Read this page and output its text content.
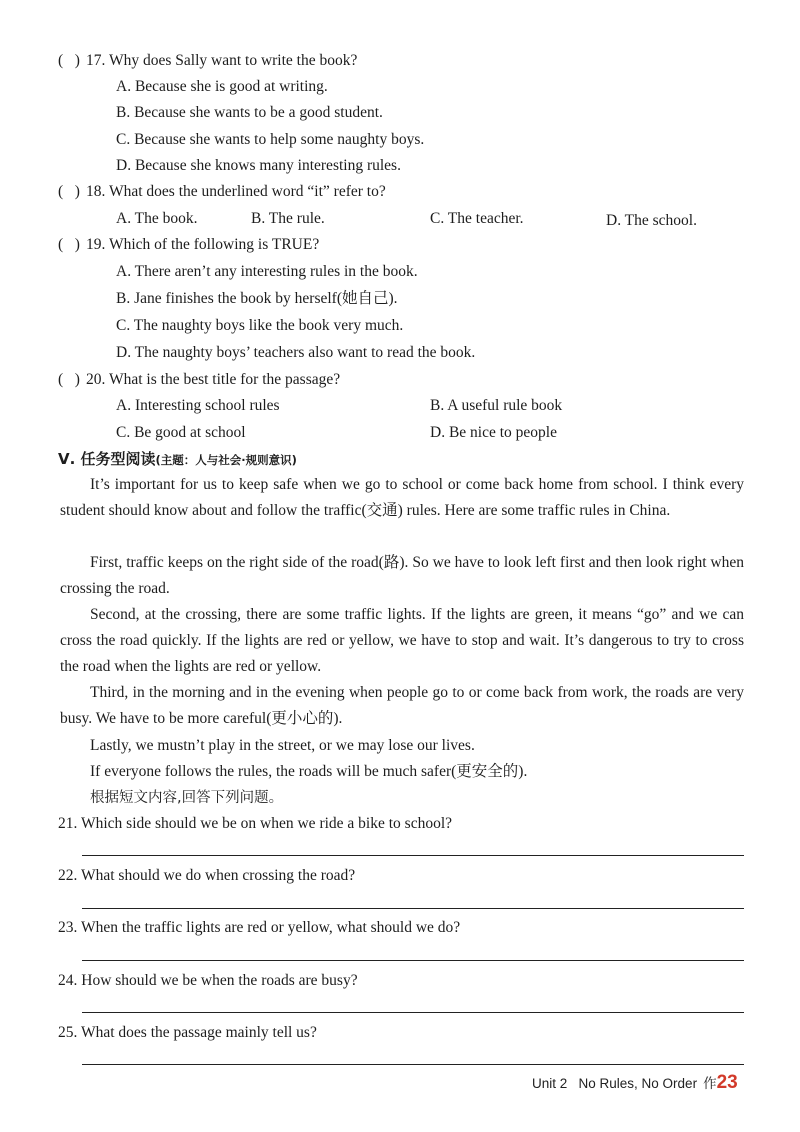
(   ) 17. Why does Sally want to write the book?
A. Because she is good at writing.
B. Because she wants to be a good student.
C. Because she wants to help some naughty boys.
D. Because she knows many interesting rules.
(   ) 18. What does the underlined word “it” refer to?
A. The book.	B. The rule.	C. The teacher.	D. The school.
(   ) 19. Which of the following is TRUE?
A. There aren’t any interesting rules in the book.
B. Jane finishes the book by herself(她自己).
C. The naughty boys like the book very much.
D. The naughty boys’ teachers also want to read the book.
(   ) 20. What is the best title for the passage?
A. Interesting school rules	B. A useful rule book
C. Be good at school	D. Be nice to people
Ⅴ. 任务型阅读(主题：人与社会·规则意识)
It’s important for us to keep safe when we go to school or come back home from school. I think every student should know about and follow the traffic(交通) rules. Here are some traffic rules in China.
First, traffic keeps on the right side of the road(路). So we have to look left first and then look right when crossing the road.
Second, at the crossing, there are some traffic lights. If the lights are green, it means “go” and we can cross the road quickly. If the lights are red or yellow, we have to stop and wait. It’s dangerous to try to cross the road when the lights are red or yellow.
Third, in the morning and in the evening when people go to or come back from work, the roads are very busy. We have to be more careful(更小心的).
Lastly, we mustn’t play in the street, or we may lose our lives.
If everyone follows the rules, the roads will be much safer(更安全的).
根据短文内容,回答下列问题。
21. Which side should we be on when we ride a bike to school?
22. What should we do when crossing the road?
23. When the traffic lights are red or yellow, what should we do?
24. How should we be when the roads are busy?
25. What does the passage mainly tell us?
Unit 2   No Rules, No Order 作23
